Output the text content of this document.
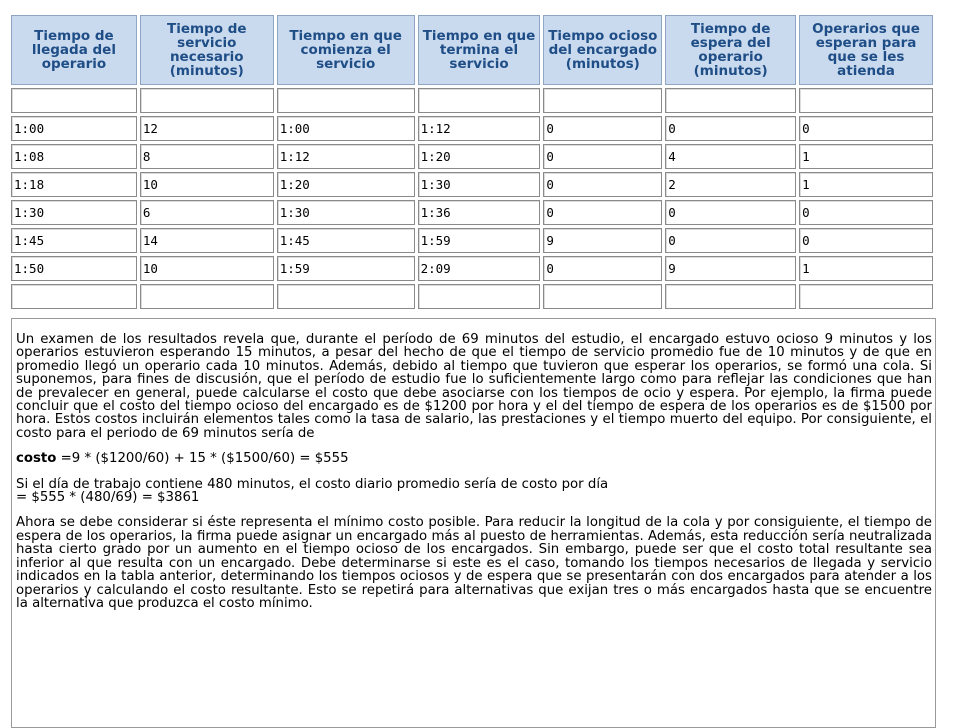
Tiempo de llegada del operario	Tiempo de servicio necesario (minutos)	Tiempo en que comienza el servicio	Tiempo en que termina el servicio	Tiempo ocioso del encargado (minutos)	Tiempo de espera del operario (minutos)	Operarios que esperan para que se les atienda

1:00	12	1:00	1:12	0	0	0
1:08	8	1:12	1:20	0	4	1
1:18	10	1:20	1:30	0	2	1
1:30	6	1:30	1:36	0	0	0
1:45	14	1:45	1:59	9	0	0
1:50	10	1:59	2:09	0	9	1

Un examen de los resultados revela que, durante el período de 69 minutos del estudio, el encargado estuvo ocioso 9 minutos y los operarios estuvieron esperando 15 minutos, a pesar del hecho de que el tiempo de servicio promedio fue de 10 minutos y de que en promedio llegó un operario cada 10 minutos. Además, debido al tiempo que tuvieron que esperar los operarios, se formó una cola. Si suponemos, para fines de discusión, que el período de estudio fue lo suficientemente largo como para reflejar las condiciones que han de prevalecer en general, puede calcularse el costo que debe asociarse con los tiempos de ocio y espera. Por ejemplo, la firma puede concluir que el costo del tiempo ocioso del encargado es de $1200 por hora y el del tiempo de espera de los operarios es de $1500 por hora. Estos costos incluirán elementos tales como la tasa de salario, las prestaciones y el tiempo muerto del equipo. Por consiguiente, el costo para el periodo de 69 minutos sería de

costo =9 * ($1200/60) + 15 * ($1500/60) = $555

Si el día de trabajo contiene 480 minutos, el costo diario promedio sería de costo por día
= $555 * (480/69) = $3861

Ahora se debe considerar si éste representa el mínimo costo posible. Para reducir la longitud de la cola y por consiguiente, el tiempo de espera de los operarios, la firma puede asignar un encargado más al puesto de herramientas. Además, esta reducción sería neutralizada hasta cierto grado por un aumento en el tiempo ocioso de los encargados. Sin embargo, puede ser que el costo total resultante sea inferior al que resulta con un encargado. Debe determinarse si este es el caso, tomando los tiempos necesarios de llegada y servicio indicados en la tabla anterior, determinando los tiempos ociosos y de espera que se presentarán con dos encargados para atender a los operarios y calculando el costo resultante. Esto se repetirá para alternativas que exijan tres o más encargados hasta que se encuentre la alternativa que produzca el costo mínimo.
